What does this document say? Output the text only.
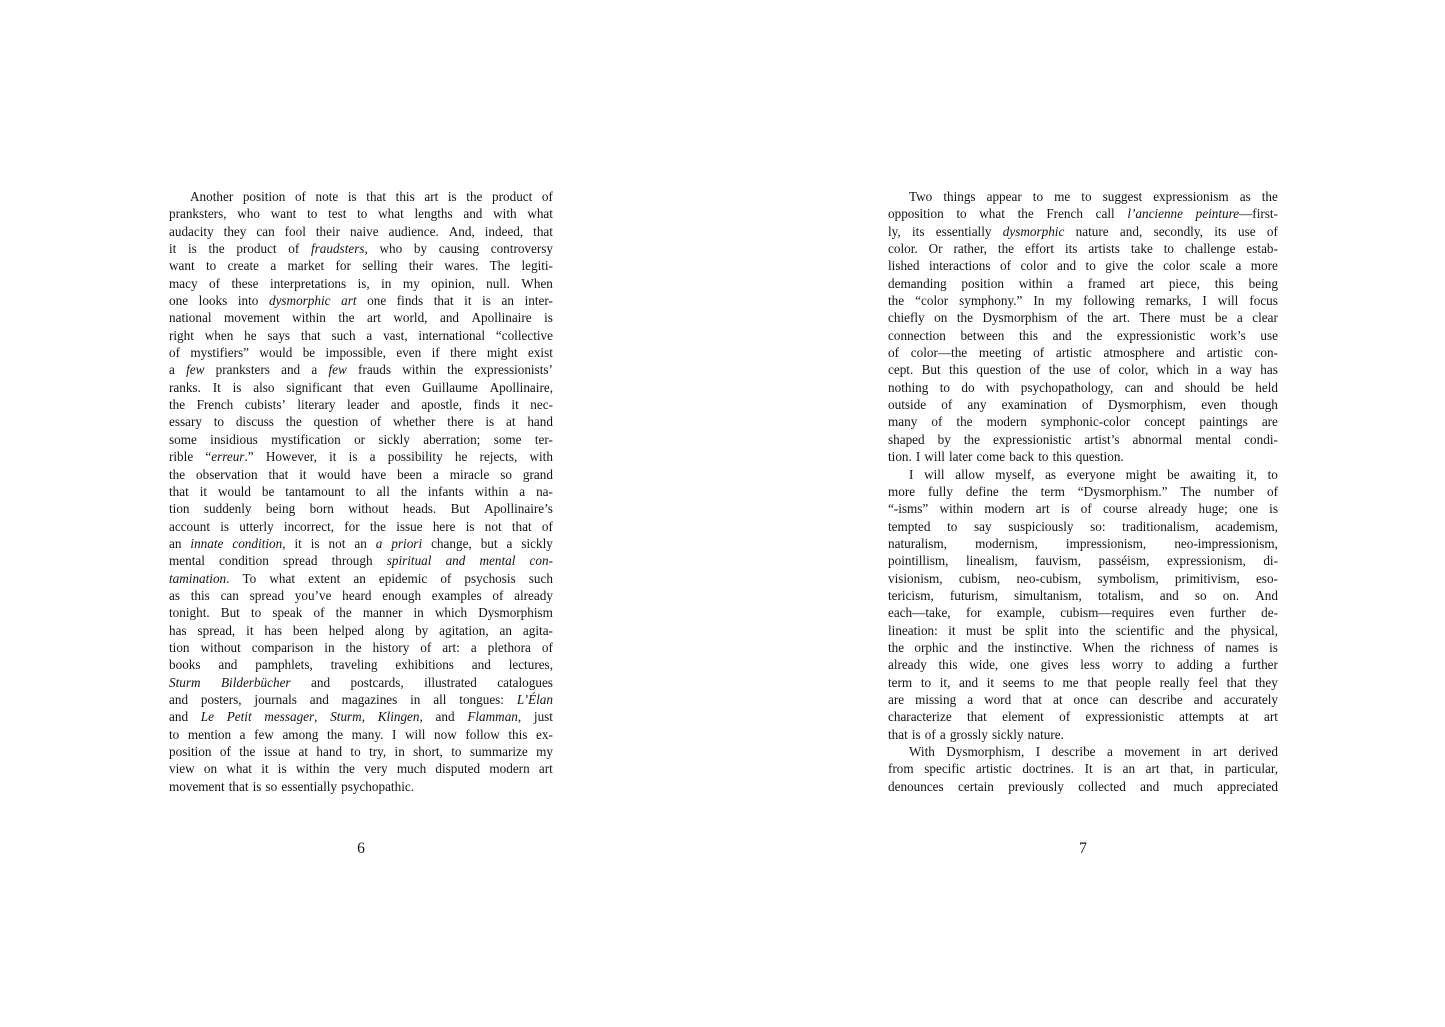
Another position of note is that this art is the product of
pranksters, who want to test to what lengths and with what
audacity they can fool their naive audience. And, indeed, that
it is the product of fraudsters, who by causing controversy
want to create a market for selling their wares. The legiti-
macy of these interpretations is, in my opinion, null. When
one looks into dysmorphic art one finds that it is an inter-
national movement within the art world, and Apollinaire is
right when he says that such a vast, international “collective
of mystifiers” would be impossible, even if there might exist
a few pranksters and a few frauds within the expressionists’
ranks. It is also significant that even Guillaume Apollinaire,
the French cubists’ literary leader and apostle, finds it nec-
essary to discuss the question of whether there is at hand
some insidious mystification or sickly aberration; some ter-
rible “erreur.” However, it is a possibility he rejects, with
the observation that it would have been a miracle so grand
that it would be tantamount to all the infants within a na-
tion suddenly being born without heads. But Apollinaire’s
account is utterly incorrect, for the issue here is not that of
an innate condition, it is not an a priori change, but a sickly
mental condition spread through spiritual and mental con-
tamination. To what extent an epidemic of psychosis such
as this can spread you’ve heard enough examples of already
tonight. But to speak of the manner in which Dysmorphism
has spread, it has been helped along by agitation, an agita-
tion without comparison in the history of art: a plethora of
books and pamphlets, traveling exhibitions and lectures,
Sturm Bilderbücher and postcards, illustrated catalogues
and posters, journals and magazines in all tongues: L’Élan
and Le Petit messager, Sturm, Klingen, and Flamman, just
to mention a few among the many. I will now follow this ex-
position of the issue at hand to try, in short, to summarize my
view on what it is within the very much disputed modern art
movement that is so essentially psychopathic.
6
Two things appear to me to suggest expressionism as the
opposition to what the French call l’ancienne peinture—first-
ly, its essentially dysmorphic nature and, secondly, its use of
color. Or rather, the effort its artists take to challenge estab-
lished interactions of color and to give the color scale a more
demanding position within a framed art piece, this being
the “color symphony.” In my following remarks, I will focus
chiefly on the Dysmorphism of the art. There must be a clear
connection between this and the expressionistic work’s use
of color—the meeting of artistic atmosphere and artistic con-
cept. But this question of the use of color, which in a way has
nothing to do with psychopathology, can and should be held
outside of any examination of Dysmorphism, even though
many of the modern symphonic-color concept paintings are
shaped by the expressionistic artist’s abnormal mental condi-
tion. I will later come back to this question.
I will allow myself, as everyone might be awaiting it, to
more fully define the term “Dysmorphism.” The number of
“-isms” within modern art is of course already huge; one is
tempted to say suspiciously so: traditionalism, academism,
naturalism, modernism, impressionism, neo-impressionism,
pointillism, linealism, fauvism, passéism, expressionism, di-
visionism, cubism, neo-cubism, symbolism, primitivism, eso-
tericism, futurism, simultanism, totalism, and so on. And
each—take, for example, cubism—requires even further de-
lineation: it must be split into the scientific and the physical,
the orphic and the instinctive. When the richness of names is
already this wide, one gives less worry to adding a further
term to it, and it seems to me that people really feel that they
are missing a word that at once can describe and accurately
characterize that element of expressionistic attempts at art
that is of a grossly sickly nature.
With Dysmorphism, I describe a movement in art derived
from specific artistic doctrines. It is an art that, in particular,
denounces certain previously collected and much appreciated
7
